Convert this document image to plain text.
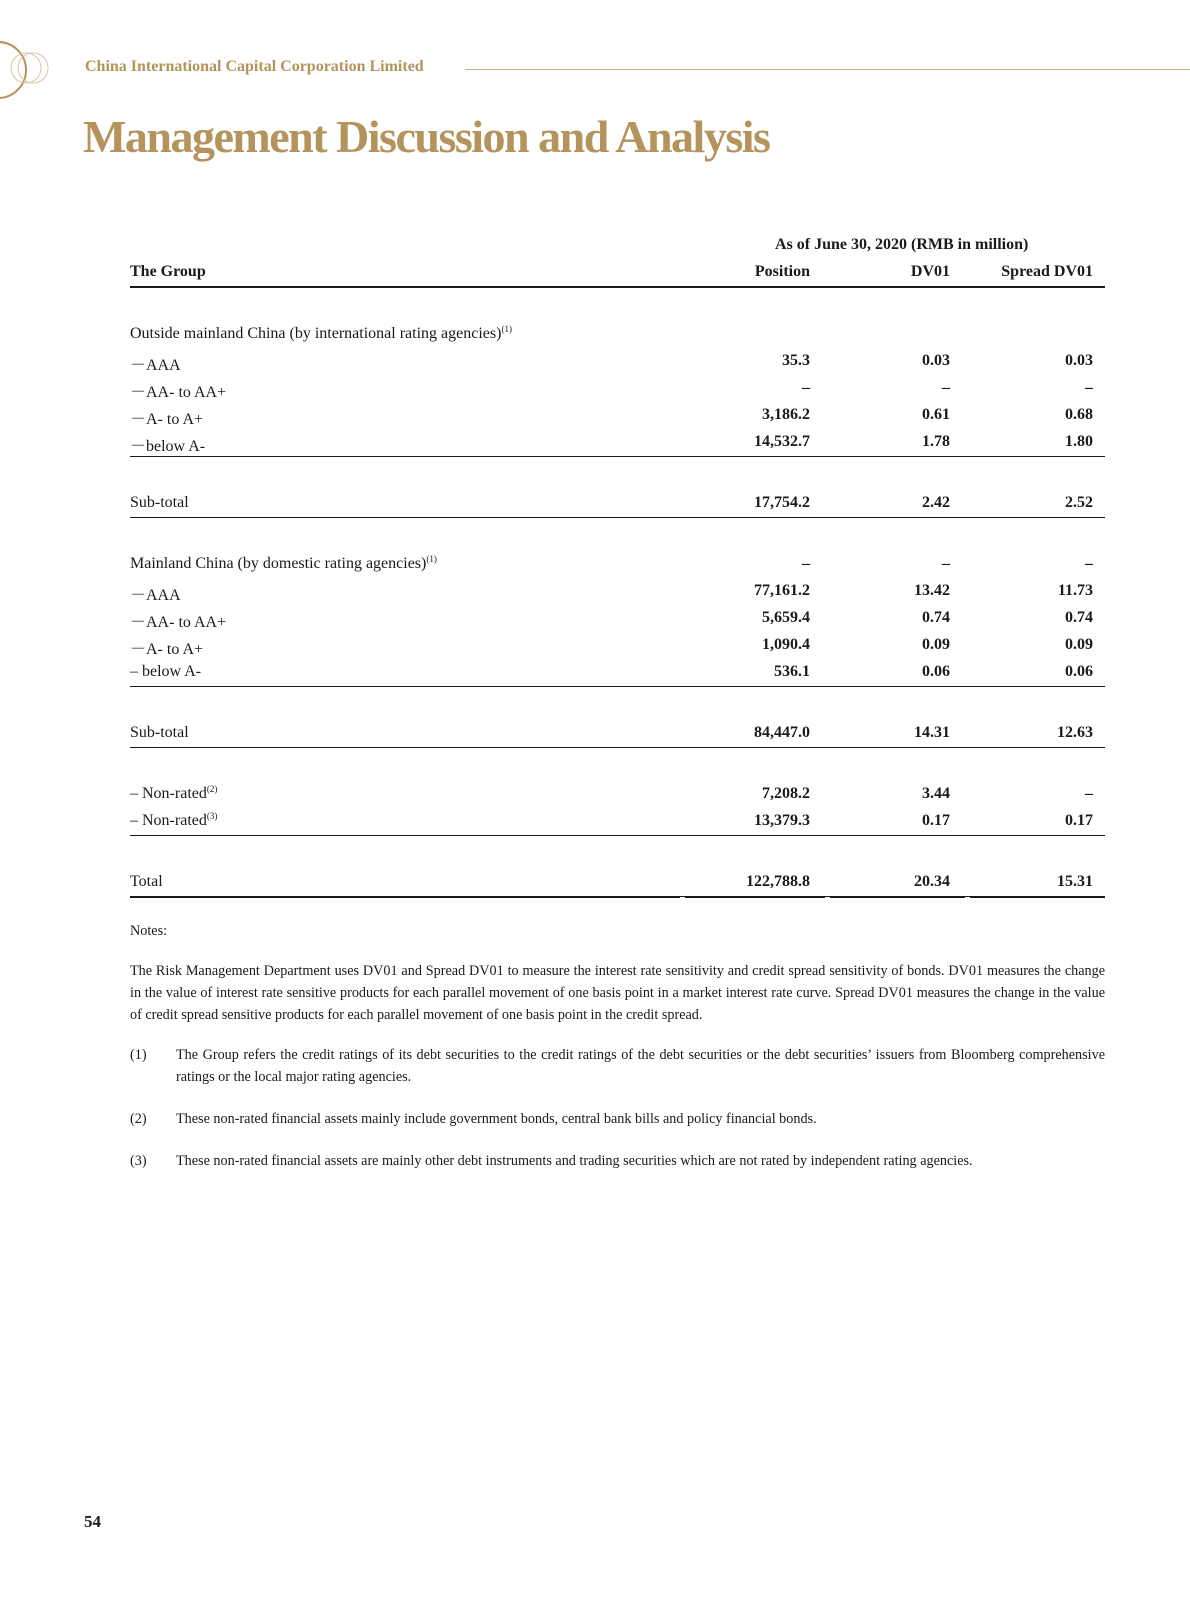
China International Capital Corporation Limited
Management Discussion and Analysis
As of June 30, 2020 (RMB in million)
The Group	Position	DV01	Spread DV01
Outside mainland China (by international rating agencies)$^{(1)}$
－AAA	35.3	0.03	0.03
－AA- to AA+	–	–	–
－A- to A+	3,186.2	0.61	0.68
－below A-	14,532.7	1.78	1.80
Sub-total	17,754.2	2.42	2.52
Mainland China (by domestic rating agencies)$^{(1)}$	–	–	–
－AAA	77,161.2	13.42	11.73
－AA- to AA+	5,659.4	0.74	0.74
－A- to A+	1,090.4	0.09	0.09
– below A-	536.1	0.06	0.06
Sub-total	84,447.0	14.31	12.63
– Non-rated$^{(2)}$	7,208.2	3.44	–
– Non-rated$^{(3)}$	13,379.3	0.17	0.17
Total	122,788.8	20.34	15.31

Notes:

The Risk Management Department uses DV01 and Spread DV01 to measure the interest rate sensitivity and credit spread sensitivity of bonds. DV01 measures the change in the value of interest rate sensitive products for each parallel movement of one basis point in a market interest rate curve. Spread DV01 measures the change in the value of credit spread sensitive products for each parallel movement of one basis point in the credit spread.

(1) The Group refers the credit ratings of its debt securities to the credit ratings of the debt securities or the debt securities’ issuers from Bloomberg comprehensive ratings or the local major rating agencies.
(2) These non-rated financial assets mainly include government bonds, central bank bills and policy financial bonds.
(3) These non-rated financial assets are mainly other debt instruments and trading securities which are not rated by independent rating agencies.
54
